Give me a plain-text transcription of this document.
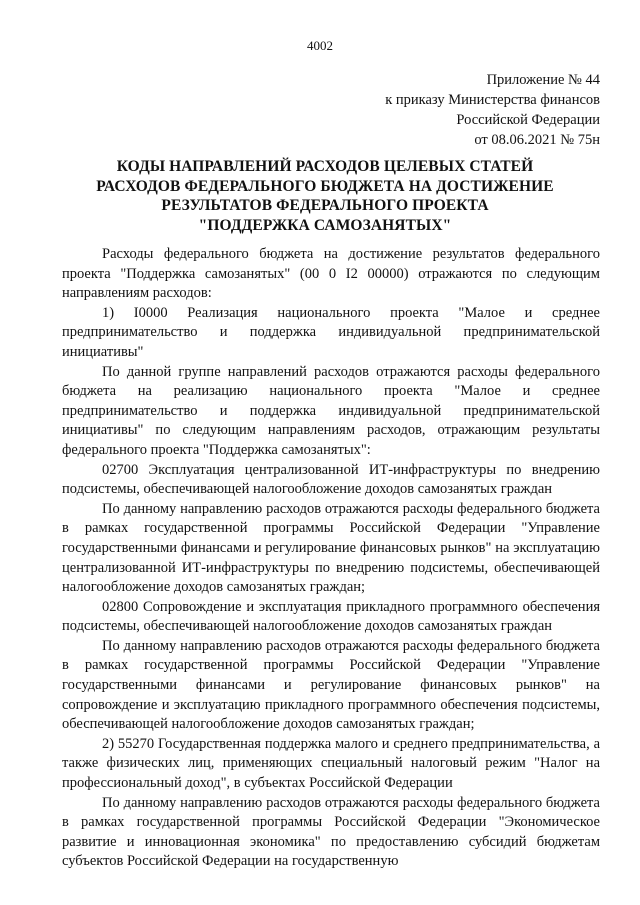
4002
Приложение № 44
к приказу Министерства финансов
Российской Федерации
от 08.06.2021 № 75н
КОДЫ НАПРАВЛЕНИЙ РАСХОДОВ ЦЕЛЕВЫХ СТАТЕЙ
РАСХОДОВ ФЕДЕРАЛЬНОГО БЮДЖЕТА НА ДОСТИЖЕНИЕ
РЕЗУЛЬТАТОВ ФЕДЕРАЛЬНОГО ПРОЕКТА
"ПОДДЕРЖКА САМОЗАНЯТЫХ"

Расходы федерального бюджета на достижение результатов федерального проекта "Поддержка самозанятых" (00 0 I2 00000) отражаются по следующим направлениям расходов:

1) I0000 Реализация национального проекта "Малое и среднее предпринимательство и поддержка индивидуальной предпринимательской инициативы"

По данной группе направлений расходов отражаются расходы федерального бюджета на реализацию национального проекта "Малое и среднее предпринимательство и поддержка индивидуальной предпринимательской инициативы" по следующим направлениям расходов, отражающим результаты федерального проекта "Поддержка самозанятых":

02700 Эксплуатация централизованной ИТ-инфраструктуры по внедрению подсистемы, обеспечивающей налогообложение доходов самозанятых граждан

По данному направлению расходов отражаются расходы федерального бюджета в рамках государственной программы Российской Федерации "Управление государственными финансами и регулирование финансовых рынков" на эксплуатацию централизованной ИТ-инфраструктуры по внедрению подсистемы, обеспечивающей налогообложение доходов самозанятых граждан;

02800 Сопровождение и эксплуатация прикладного программного обеспечения подсистемы, обеспечивающей налогообложение доходов самозанятых граждан

По данному направлению расходов отражаются расходы федерального бюджета в рамках государственной программы Российской Федерации "Управление государственными финансами и регулирование финансовых рынков" на сопровождение и эксплуатацию прикладного программного обеспечения подсистемы, обеспечивающей налогообложение доходов самозанятых граждан;

2) 55270 Государственная поддержка малого и среднего предпринимательства, а также физических лиц, применяющих специальный налоговый режим "Налог на профессиональный доход", в субъектах Российской Федерации

По данному направлению расходов отражаются расходы федерального бюджета в рамках государственной программы Российской Федерации "Экономическое развитие и инновационная экономика" по предоставлению субсидий бюджетам субъектов Российской Федерации на государственную
